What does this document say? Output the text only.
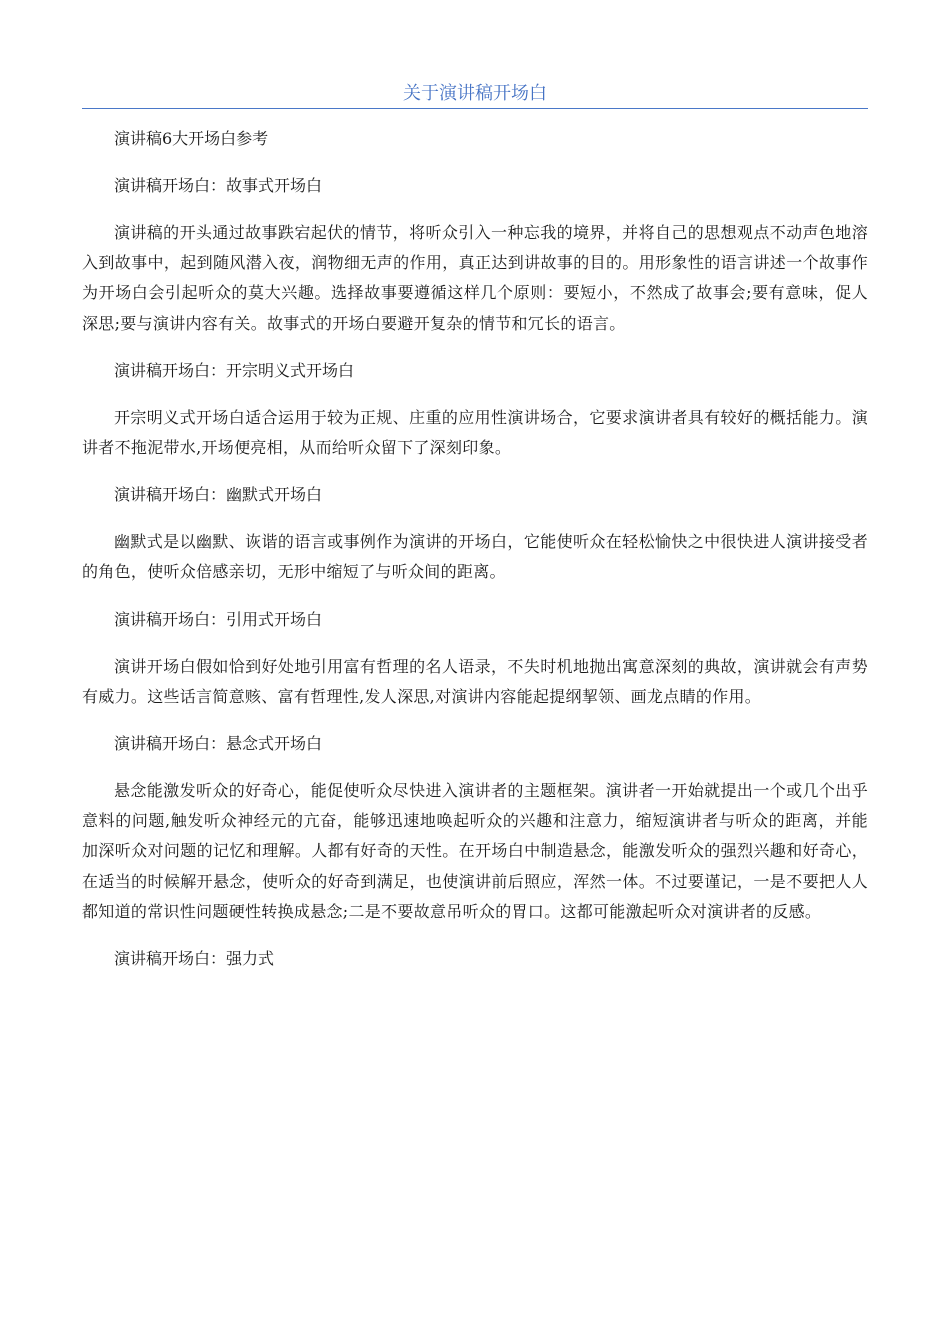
关于演讲稿开场白

演讲稿6大开场白参考

演讲稿开场白：故事式开场白

演讲稿的开头通过故事跌宕起伏的情节，将听众引入一种忘我的境界，并将自己的思想观点不动声色地溶入到故事中，起到随风潜入夜，润物细无声的作用，真正达到讲故事的目的。用形象性的语言讲述一个故事作为开场白会引起听众的莫大兴趣。选择故事要遵循这样几个原则：要短小，不然成了故事会;要有意味，促人深思;要与演讲内容有关。故事式的开场白要避开复杂的情节和冗长的语言。

演讲稿开场白：开宗明义式开场白

开宗明义式开场白适合运用于较为正规、庄重的应用性演讲场合，它要求演讲者具有较好的概括能力。演讲者不拖泥带水,开场便亮相，从而给听众留下了深刻印象。

演讲稿开场白：幽默式开场白

幽默式是以幽默、诙谐的语言或事例作为演讲的开场白，它能使听众在轻松愉快之中很快进人演讲接受者的角色，使听众倍感亲切，无形中缩短了与听众间的距离。

演讲稿开场白：引用式开场白

演讲开场白假如恰到好处地引用富有哲理的名人语录，不失时机地抛出寓意深刻的典故，演讲就会有声势有威力。这些话言简意赅、富有哲理性,发人深思,对演讲内容能起提纲挈领、画龙点睛的作用。

演讲稿开场白：悬念式开场白

悬念能激发听众的好奇心，能促使听众尽快进入演讲者的主题框架。演讲者一开始就提出一个或几个出乎意料的问题,触发听众神经元的亢奋，能够迅速地唤起听众的兴趣和注意力，缩短演讲者与听众的距离，并能加深听众对问题的记忆和理解。人都有好奇的天性。在开场白中制造悬念，能激发听众的强烈兴趣和好奇心，在适当的时候解开悬念，使听众的好奇到满足，也使演讲前后照应，浑然一体。不过要谨记，一是不要把人人都知道的常识性问题硬性转换成悬念;二是不要故意吊听众的胃口。这都可能激起听众对演讲者的反感。

演讲稿开场白：强力式
